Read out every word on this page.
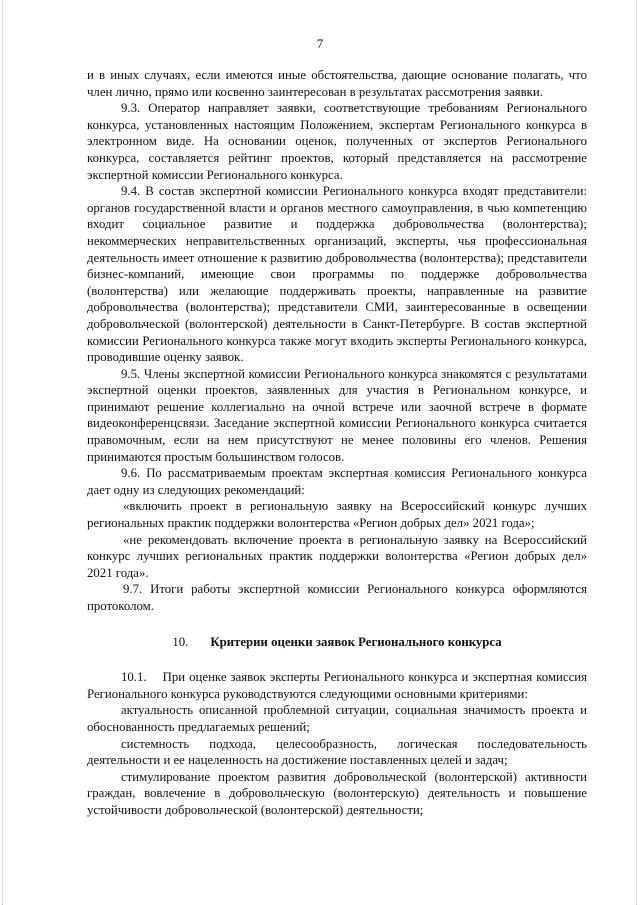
7

и в иных случаях, если имеются иные обстоятельства, дающие основание полагать, что член лично, прямо или косвенно заинтересован в результатах рассмотрения заявки.

9.3. Оператор направляет заявки, соответствующие требованиям Регионального конкурса, установленных настоящим Положением, экспертам Регионального конкурса в электронном виде. На основании оценок, полученных от экспертов Регионального конкурса, составляется рейтинг проектов, который представляется на рассмотрение экспертной комиссии Регионального конкурса.

9.4. В состав экспертной комиссии Регионального конкурса входят представители: органов государственной власти и органов местного самоуправления, в чью компетенцию входит социальное развитие и поддержка добровольчества (волонтерства); некоммерческих неправительственных организаций, эксперты, чья профессиональная деятельность имеет отношение к развитию добровольчества (волонтерства); представители бизнес-компаний, имеющие свои программы по поддержке добровольчества (волонтерства) или желающие поддерживать проекты, направленные на развитие добровольчества (волонтерства); представители СМИ, заинтересованные в освещении добровольческой (волонтерской) деятельности в Санкт-Петербурге. В состав экспертной комиссии Регионального конкурса также могут входить эксперты Регионального конкурса, проводившие оценку заявок.

9.5. Члены экспертной комиссии Регионального конкурса знакомятся с результатами экспертной оценки проектов, заявленных для участия в Региональном конкурсе, и принимают решение коллегиально на очной встрече или заочной встрече в формате видеоконференцсвязи. Заседание экспертной комиссии Регионального конкурса считается правомочным, если на нем присутствуют не менее половины его членов. Решения принимаются простым большинством голосов.

9.6. По рассматриваемым проектам экспертная комиссия Регионального конкурса дает одну из следующих рекомендаций:

«включить проект в региональную заявку на Всероссийский конкурс лучших региональных практик поддержки волонтерства «Регион добрых дел» 2021 года»;

«не рекомендовать включение проекта в региональную заявку на Всероссийский конкурс лучших региональных практик поддержки волонтерства «Регион добрых дел» 2021 года».

9.7. Итоги работы экспертной комиссии Регионального конкурса оформляются протоколом.

10. Критерии оценки заявок Регионального конкурса

10.1.    При оценке заявок эксперты Регионального конкурса и экспертная комиссия Регионального конкурса руководствуются следующими основными критериями:

актуальность описанной проблемной ситуации, социальная значимость проекта и обоснованность предлагаемых решений;

системность подхода, целесообразность, логическая последовательность деятельности и ее нацеленность на достижение поставленных целей и задач;

стимулирование проектом развития добровольческой (волонтерской) активности граждан, вовлечение в добровольческую (волонтерскую) деятельность и повышение устойчивости добровольческой (волонтерской) деятельности;
